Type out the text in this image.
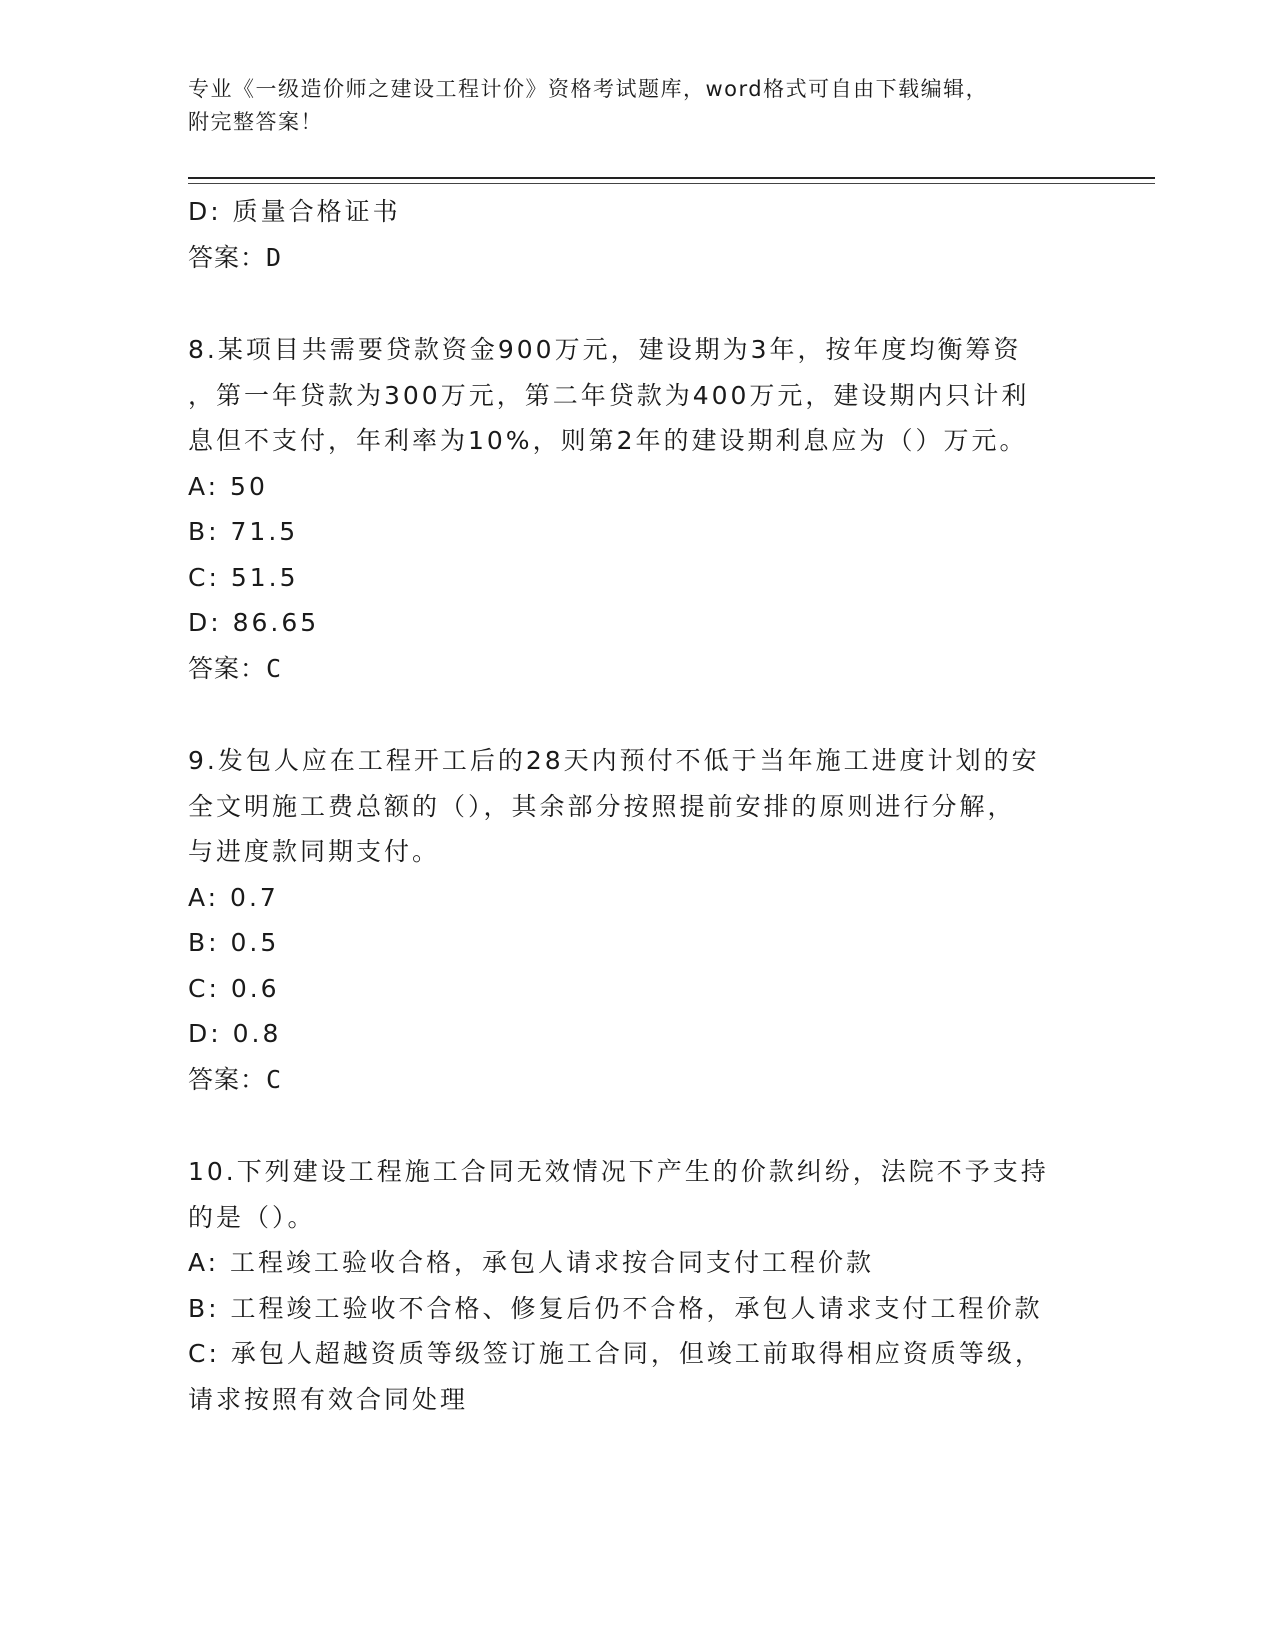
专业《一级造价师之建设工程计价》资格考试题库，word格式可自由下载编辑，
附完整答案！
D: 质量合格证书
答案：D
8.某项目共需要贷款资金900万元，建设期为3年，按年度均衡筹资
，第一年贷款为300万元，第二年贷款为400万元，建设期内只计利
息但不支付，年利率为10%，则第2年的建设期利息应为（）万元。
A: 50
B: 71.5
C: 51.5
D: 86.65
答案：C
9.发包人应在工程开工后的28天内预付不低于当年施工进度计划的安
全文明施工费总额的（），其余部分按照提前安排的原则进行分解，
与进度款同期支付。
A: 0.7
B: 0.5
C: 0.6
D: 0.8
答案：C
10.下列建设工程施工合同无效情况下产生的价款纠纷，法院不予支持
的是（）。
A: 工程竣工验收合格，承包人请求按合同支付工程价款
B: 工程竣工验收不合格、修复后仍不合格，承包人请求支付工程价款
C: 承包人超越资质等级签订施工合同，但竣工前取得相应资质等级，
请求按照有效合同处理
